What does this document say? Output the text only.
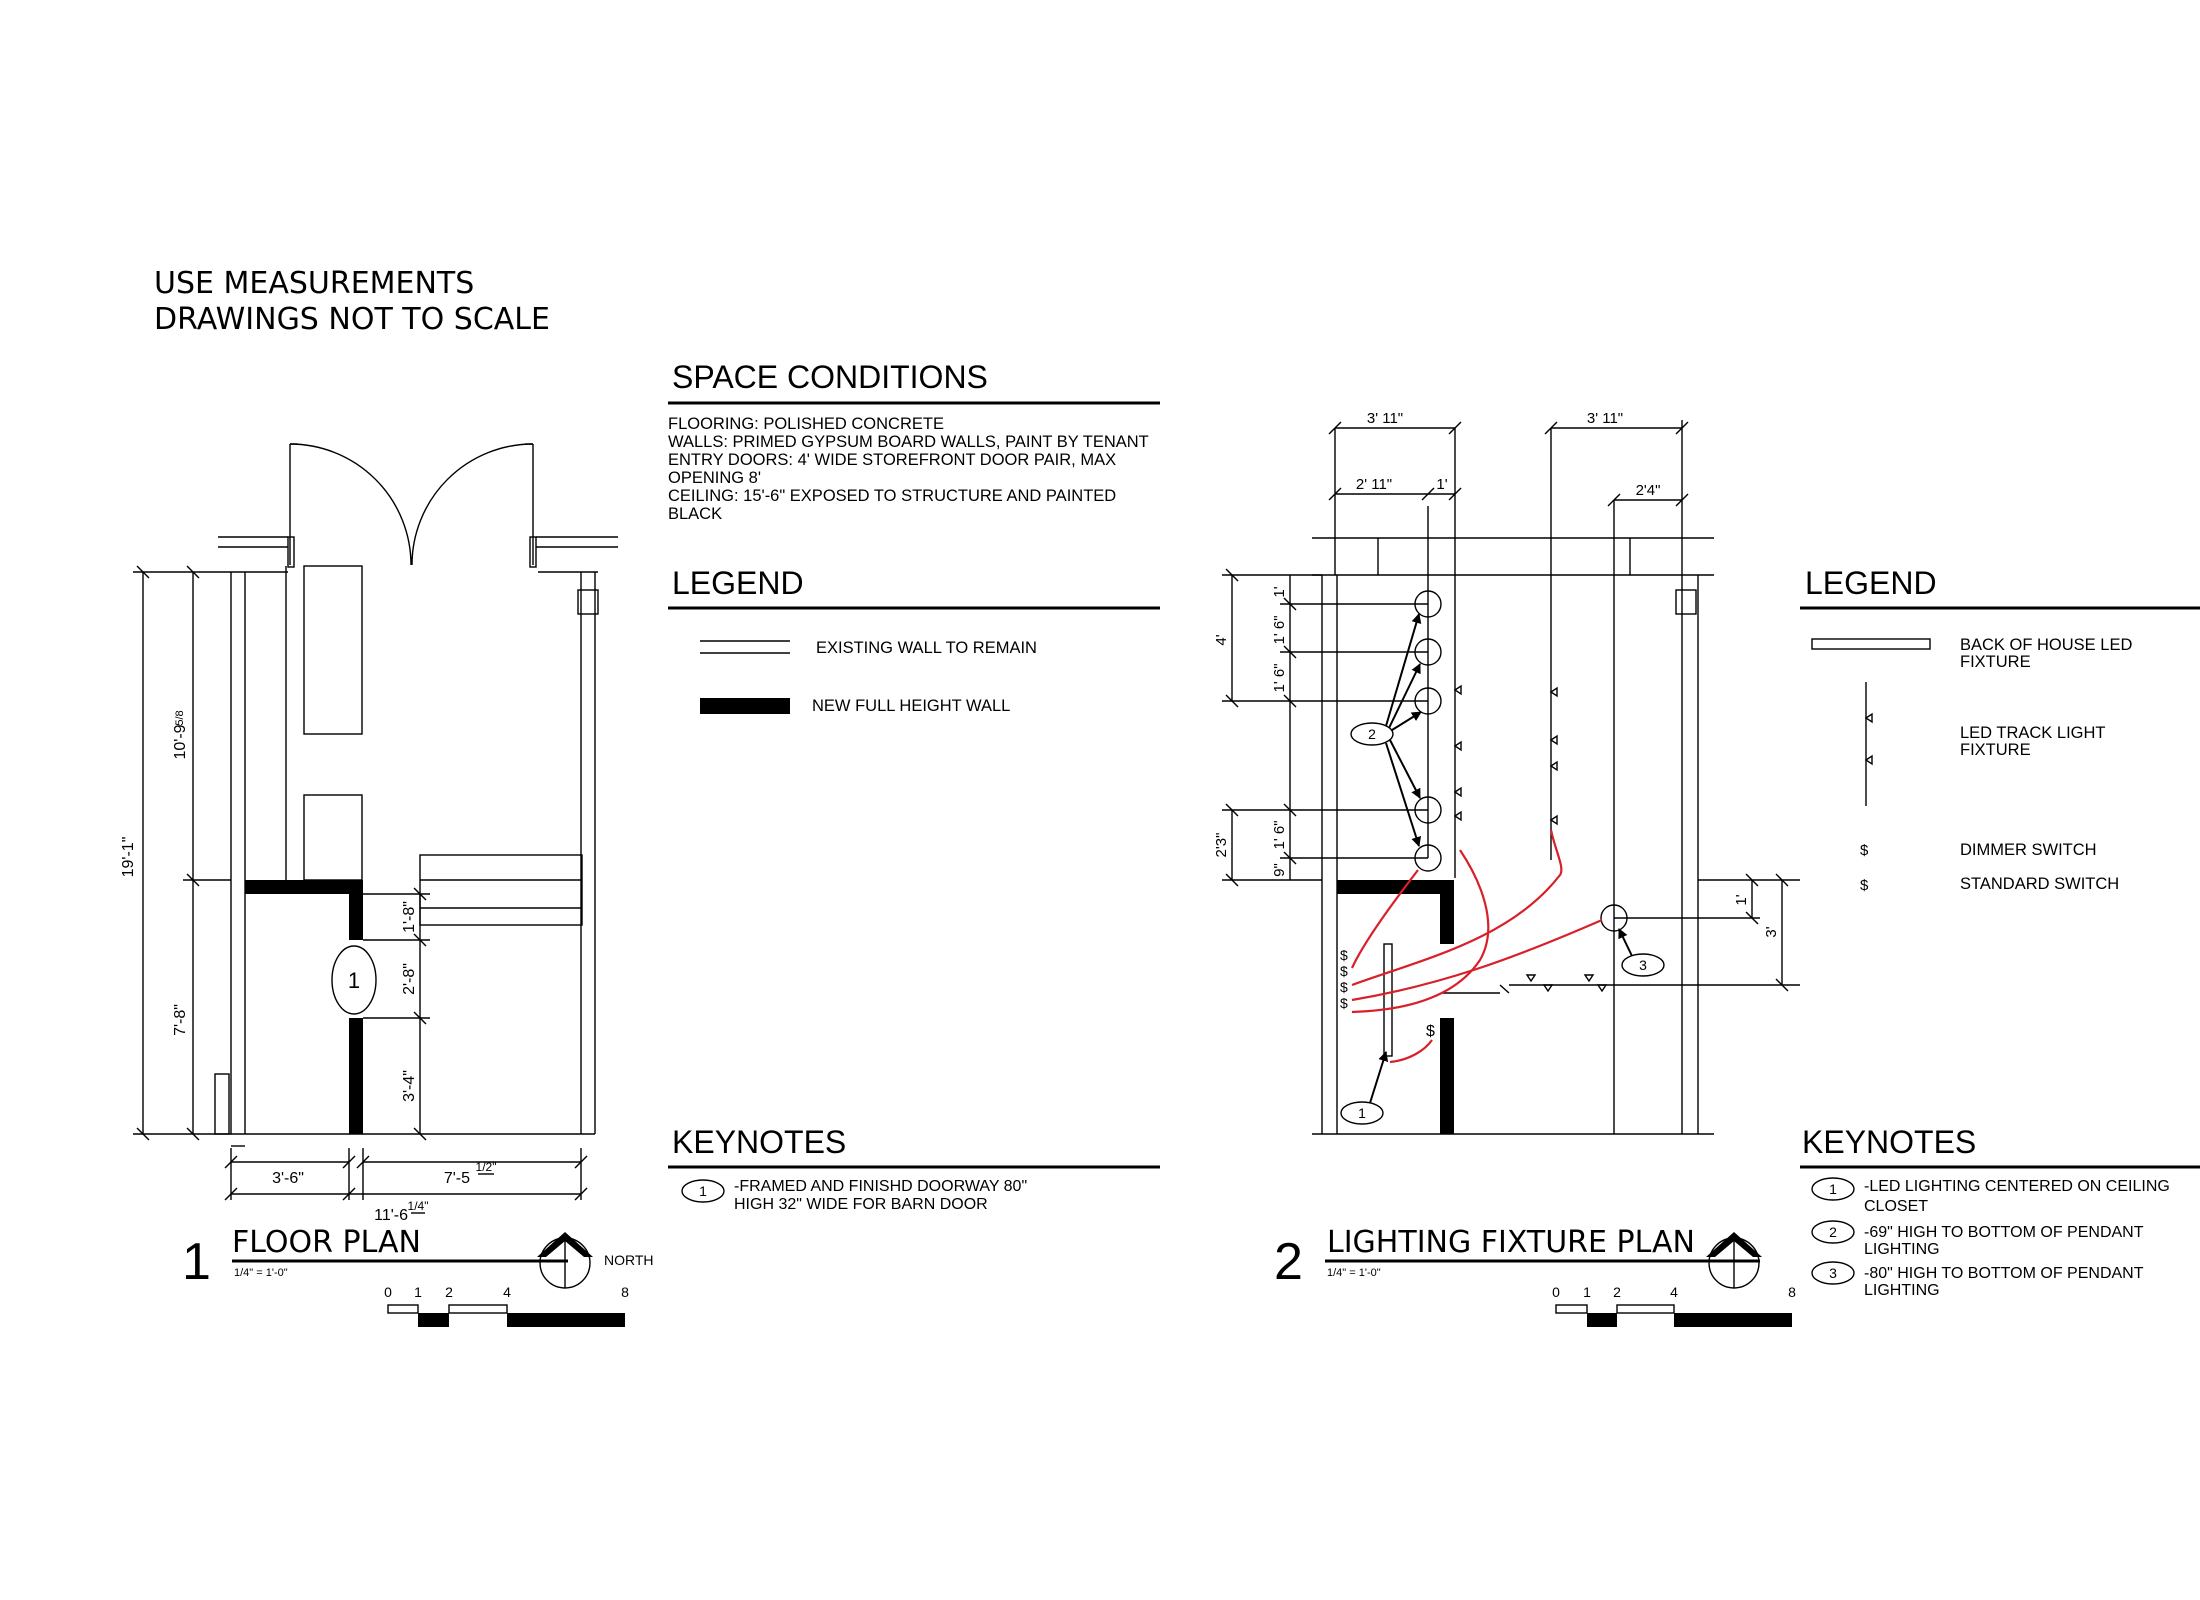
USE MEASUREMENTS
DRAWINGS NOT TO SCALE
SPACE CONDITIONS
FLOORING: POLISHED CONCRETE
WALLS: PRIMED GYPSUM BOARD WALLS, PAINT BY TENANT
ENTRY DOORS: 4' WIDE STOREFRONT DOOR PAIR, MAX
OPENING 8'
CEILING: 15'-6" EXPOSED TO STRUCTURE AND PAINTED
BLACK
LEGEND
EXISTING WALL TO REMAIN
NEW FULL HEIGHT WALL
KEYNOTES
1 -FRAMED AND FINISHD DOORWAY 80"
HIGH 32" WIDE FOR BARN DOOR
1
19'-1"
10'-9
5/8
7'-8"
1'-8"
2'-8"
3'-4"
3'-6"	7'-5
1/2"
11'-6
1/4"
1 FLOOR PLAN
1/4" = 1'-0"
NORTH
0 1 2	4	8
$
$
$
$
$
2
3
1
3' 11"	3' 11"
2' 11"	1'	2'4"
4'
1'
1' 6"
1' 6"
2'3"	1' 6"
9"
1'
3'
2 LIGHTING FIXTURE PLAN
1/4" = 1'-0"
0 1 2	4	8
LEGEND
BACK OF HOUSE LED
FIXTURE
LED TRACK LIGHT
FIXTURE
$	DIMMER SWITCH
$	STANDARD SWITCH
KEYNOTES
1 -LED LIGHTING CENTERED ON CEILING
CLOSET
2 -69" HIGH TO BOTTOM OF PENDANT
LIGHTING
3 -80" HIGH TO BOTTOM OF PENDANT
LIGHTING
